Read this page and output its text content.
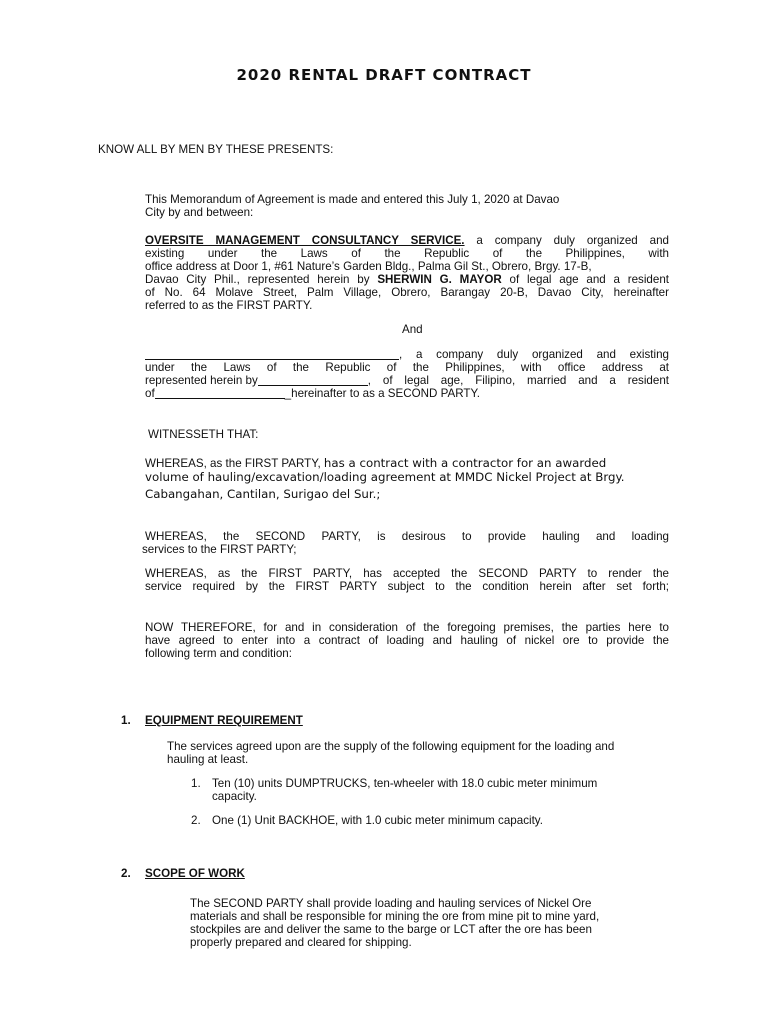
2020 RENTAL DRAFT CONTRACT
KNOW ALL BY MEN BY THESE PRESENTS:
This Memorandum of Agreement is made and entered this July 1, 2020 at Davao
City by and between:
OVERSITE MANAGEMENT CONSULTANCY SERVICE. a company duly organized and
existing under the Laws of the Republic of the Philippines, with
office address at Door 1, #61 Nature’s Garden Bldg., Palma Gil St., Obrero, Brgy. 17-B,
Davao City Phil., represented herein by SHERWIN G. MAYOR of legal age and a resident
of No. 64 Molave Street, Palm Village, Obrero, Barangay 20-B, Davao City, hereinafter
referred to as the FIRST PARTY.
And
, a company duly organized and existing
under the Laws of the Republic of the Philippines, with office address at
represented herein by	, of legal age, Filipino, married and a resident
of	_hereinafter to as a SECOND PARTY.
WITNESSETH THAT:
WHEREAS, as the FIRST PARTY, has a contract with a contractor for an awarded
volume of hauling/excavation/loading agreement at MMDC Nickel Project at Brgy.
Cabangahan, Cantilan, Surigao del Sur.;
WHEREAS, the SECOND PARTY, is desirous to provide hauling and loading
services to the FIRST PARTY;
WHEREAS, as the FIRST PARTY, has accepted the SECOND PARTY to render the
service required by the FIRST PARTY subject to the condition herein after set forth;
NOW THEREFORE, for and in consideration of the foregoing premises, the parties here to
have agreed to enter into a contract of loading and hauling of nickel ore to provide the
following term and condition:
1. EQUIPMENT REQUIREMENT
The services agreed upon are the supply of the following equipment for the loading and
hauling at least.
1. Ten (10) units DUMPTRUCKS, ten-wheeler with 18.0 cubic meter minimum
capacity.
2. One (1) Unit BACKHOE, with 1.0 cubic meter minimum capacity.
2. SCOPE OF WORK
The SECOND PARTY shall provide loading and hauling services of Nickel Ore
materials and shall be responsible for mining the ore from mine pit to mine yard,
stockpiles are and deliver the same to the barge or LCT after the ore has been
properly prepared and cleared for shipping.
